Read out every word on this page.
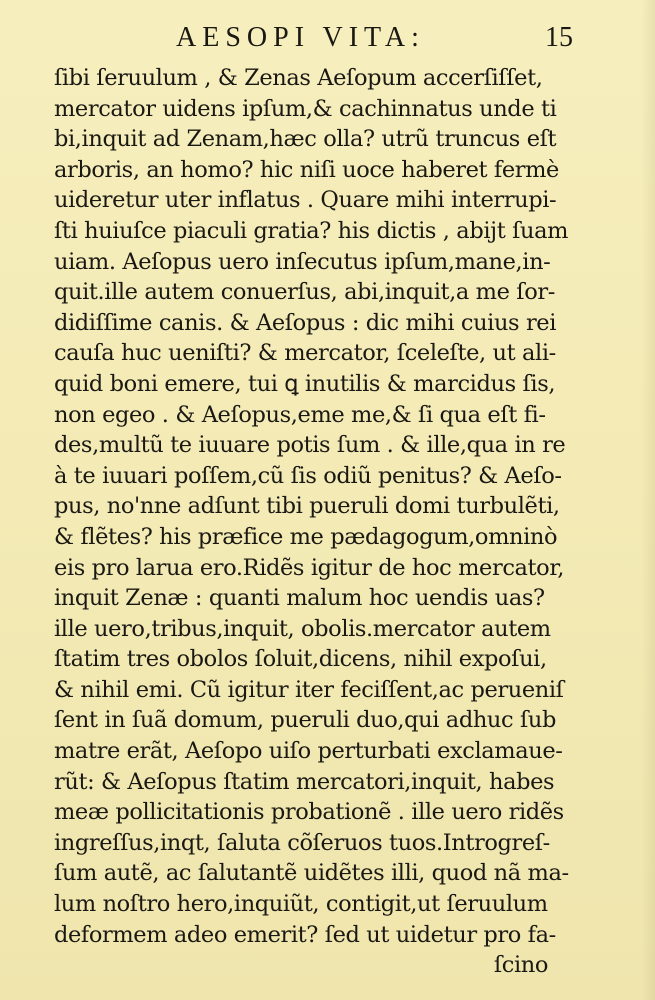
AESOPI VITA:	15
ſibi ſeruulum , & Zenas Aeſopum accerſiſſet,
mercator uidens ipſum,& cachinnatus unde ti
bi,inquit ad Zenam,hæc olla? utrũ truncus eſt
arboris, an homo? hic niſi uoce haberet fermè
uideretur uter inflatus . Quare mihi interrupi-
ſti huiuſce piaculi gratia? his dictis , abijt ſuam
uiam. Aeſopus uero inſecutus ipſum,mane,in-
quit.ille autem conuerſus, abi,inquit,a me ſor-
didiſſime canis. & Aeſopus : dic mihi cuius rei
cauſa huc ueniſti? & mercator, ſcelеſte, ut ali-
quid boni emere, tui ꝗ inutilis & marcidus ſis,
non egeo . & Aeſopus,eme me,& ſi qua eſt fi-
des,multũ te iuuare potis ſum . & ille,qua in re
à te iuuari poſſem,cũ ſis odiũ penitus? & Aeſo-
pus, no'nne adſunt tibi pueruli domi turbulẽti,
& flẽtes? his præfice me pædagogum,omninò
eis pro larua ero.Ridẽs igitur de hoc mercator,
inquit Zenæ : quanti malum hoc uendis uas?
ille uero,tribus,inquit, obolis.mercator autem
ſtatim tres obolos ſoluit,dicens, nihil expoſui,
& nihil emi. Cũ igitur iter feciſſent,ac perueniſ
ſent in ſuã domum, pueruli duo,qui adhuc ſub
matre erãt, Aeſopo uiſo perturbati exclamaue-
rũt: & Aeſopus ſtatim mercatori,inquit, habes
meæ pollicitationis probationẽ . ille uero ridẽs
ingreſſus,inqt, ſaluta cõſeruos tuos.Introgreſ-
ſum autẽ, ac ſalutantẽ uidẽtes illi, quod nã ma-
lum noſtro hero,inquiũt, contigit,ut ſeruulum
deformem adeo emerit? ſed ut uidetur pro fa-
ſcino
